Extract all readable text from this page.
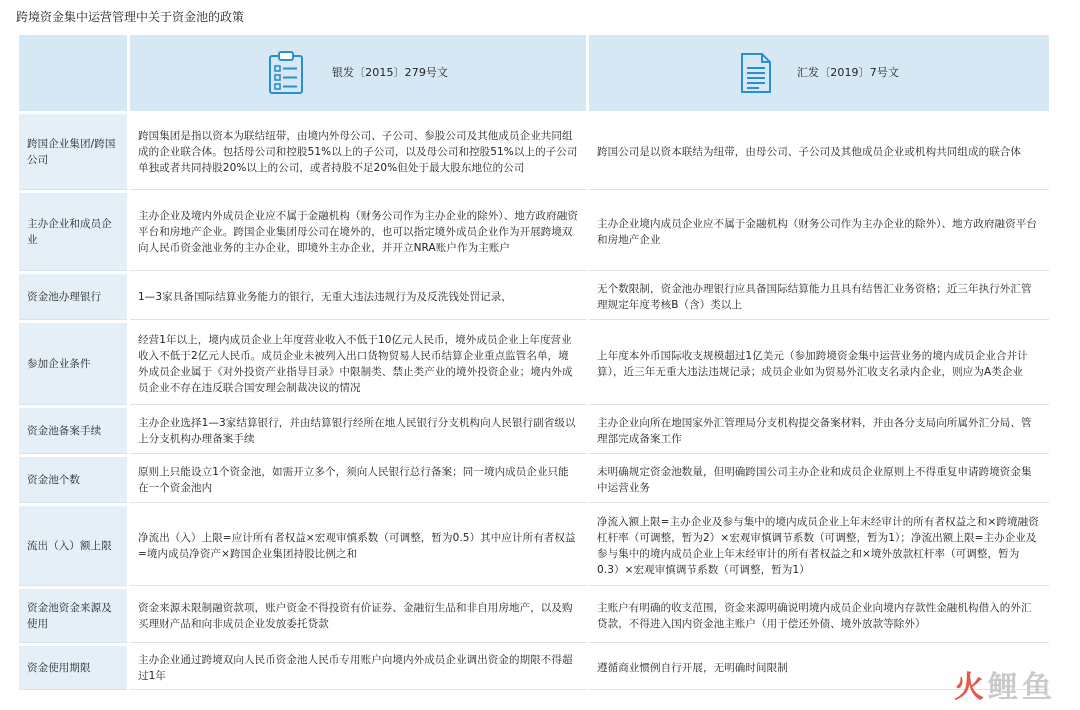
跨境资金集中运营管理中关于资金池的政策

	银发〔2015〕279号文	汇发〔2019〕7号文

跨国企业集团/跨国公司	跨国集团是指以资本为联结纽带，由境内外母公司、子公司、参股公司及其他成员企业共同组成的企业联合体。包括母公司和控股51%以上的子公司，以及母公司和控股51%以上的子公司单独或者共同持股20%以上的公司，或者持股不足20%但处于最大股东地位的公司	跨国公司是以资本联结为纽带，由母公司、子公司及其他成员企业或机构共同组成的联合体
主办企业和成员企业	主办企业及境内外成员企业应不属于金融机构（财务公司作为主办企业的除外）、地方政府融资平台和房地产企业。跨国企业集团母公司在境外的，也可以指定境外成员企业作为开展跨境双向人民币资金池业务的主办企业，即境外主办企业，并开立NRA账户作为主账户	主办企业境内成员企业应不属于金融机构（财务公司作为主办企业的除外）、地方政府融资平台和房地产企业
资金池办理银行	1—3家具备国际结算业务能力的银行，无重大违法违规行为及反洗钱处罚记录，	无个数限制，资金池办理银行应具备国际结算能力且具有结售汇业务资格；近三年执行外汇管理规定年度考核B（含）类以上
参加企业条件	经营1年以上，境内成员企业上年度营业收入不低于10亿元人民币，境外成员企业上年度营业收入不低于2亿元人民币。成员企业未被列入出口货物贸易人民币结算企业重点监管名单，境外成员企业属于《对外投资产业指导目录》中限制类、禁止类产业的境外投资企业；境内外成员企业不存在违反联合国安理会制裁决议的情况	上年度本外币国际收支规模超过1亿美元（参加跨境资金集中运营业务的境内成员企业合并计算），近三年无重大违法违规记录；成员企业如为贸易外汇收支名录内企业，则应为A类企业
资金池备案手续	主办企业选择1—3家结算银行，并由结算银行经所在地人民银行分支机构向人民银行副省级以上分支机构办理备案手续	主办企业向所在地国家外汇管理局分支机构提交备案材料，并由各分支局向所属外汇分局、管理部完成备案工作
资金池个数	原则上只能设立1个资金池，如需开立多个，须向人民银行总行备案；同一境内成员企业只能在一个资金池内	未明确规定资金池数量，但明确跨国公司主办企业和成员企业原则上不得重复申请跨境资金集中运营业务
流出（入）额上限	净流出（入）上限=应计所有者权益×宏观审慎系数（可调整，暂为0.5）其中应计所有者权益=境内成员净资产×跨国企业集团持股比例之和	净流入额上限=主办企业及参与集中的境内成员企业上年末经审计的所有者权益之和×跨境融资杠杆率（可调整，暂为2）×宏观审慎调节系数（可调整，暂为1）；净流出额上限=主办企业及参与集中的境内成员企业上年末经审计的所有者权益之和×境外放款杠杆率（可调整，暂为0.3）×宏观审慎调节系数（可调整，暂为1）
资金池资金来源及使用	资金来源未限制融资款项，账户资金不得投资有价证券、金融衍生品和非自用房地产，以及购买理财产品和向非成员企业发放委托贷款	主账户有明确的收支范围，资金来源明确说明境内成员企业向境内存款性金融机构借入的外汇贷款，不得进入国内资金池主账户（用于偿还外债、境外放款等除外）
资金使用期限	主办企业通过跨境双向人民币资金池人民币专用账户向境内外成员企业调出资金的期限不得超过1年	遵循商业惯例自行开展，无明确时间限制
火鲤鱼
